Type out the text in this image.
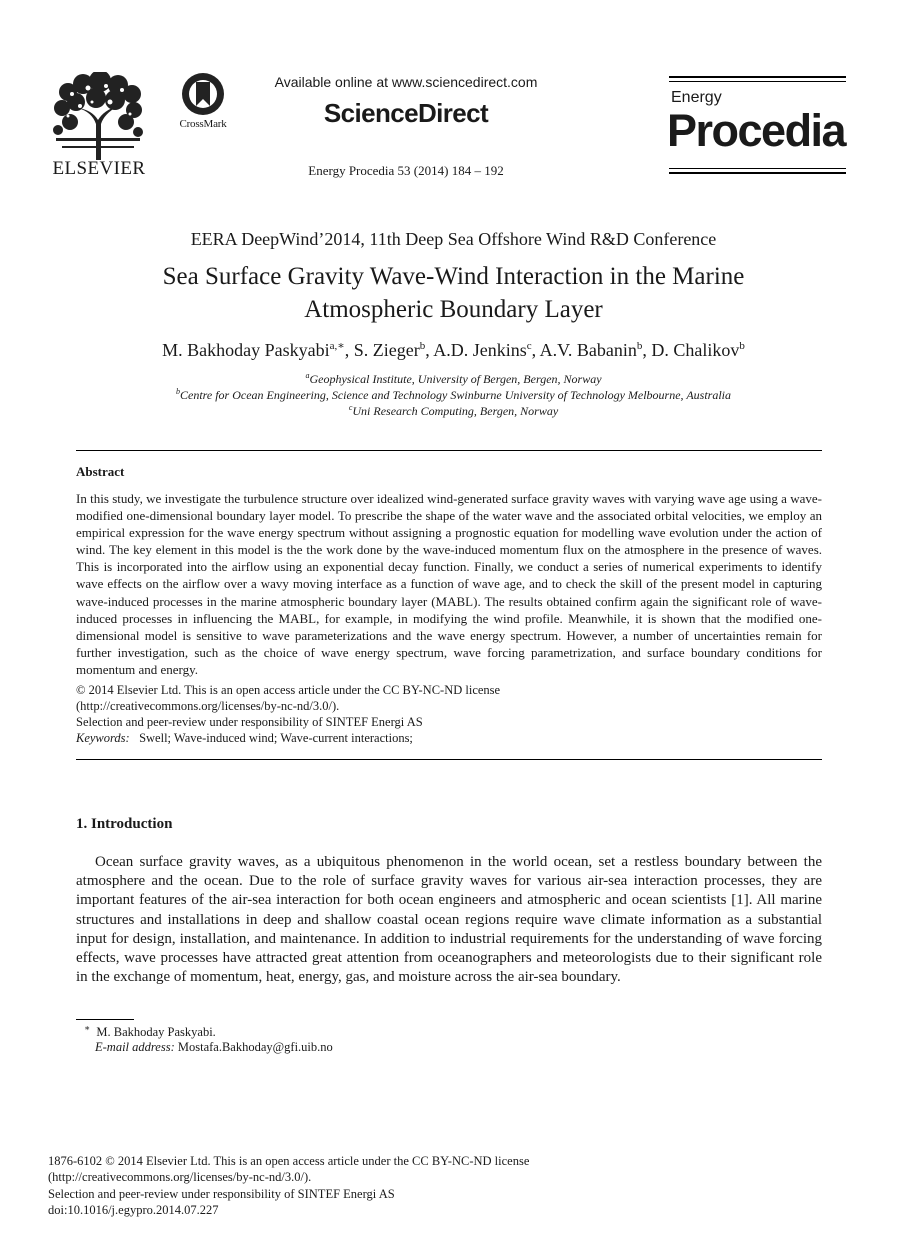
ELSEVIER
CrossMark
Available online at www.sciencedirect.com
ScienceDirect
Energy Procedia 53 (2014) 184 – 192
Energy
Procedia
EERA DeepWind’2014, 11th Deep Sea Offshore Wind R&D Conference
Sea Surface Gravity Wave-Wind Interaction in the Marine
Atmospheric Boundary Layer
M. Bakhoday Paskyabi$^{a,∗}$, S. Zieger$^b$, A.D. Jenkins$^c$, A.V. Babanin$^b$, D. Chalikov$^b$
$^a$Geophysical Institute, University of Bergen, Bergen, Norway
$^b$Centre for Ocean Engineering, Science and Technology Swinburne University of Technology Melbourne, Australia
$^c$Uni Research Computing, Bergen, Norway
Abstract
In this study, we investigate the turbulence structure over idealized wind-generated surface gravity waves with varying wave age using a wave-modified one-dimensional boundary layer model. To prescribe the shape of the water wave and the associated orbital velocities, we employ an empirical expression for the wave energy spectrum without assigning a prognostic equation for modelling wave evolution under the action of wind. The key element in this model is the the work done by the wave-induced momentum flux on the atmosphere in the presence of waves. This is incorporated into the airflow using an exponential decay function. Finally, we conduct a series of numerical experiments to identify wave effects on the airflow over a wavy moving interface as a function of wave age, and to check the skill of the present model in capturing wave-induced processes in the marine atmospheric boundary layer (MABL). The results obtained confirm again the significant role of wave-induced processes in influencing the MABL, for example, in modifying the wind profile. Meanwhile, it is shown that the modified one-dimensional model is sensitive to wave parameterizations and the wave energy spectrum. However, a number of uncertainties remain for further investigation, such as the choice of wave energy spectrum, wave forcing parametrization, and surface boundary conditions for momentum and energy.
© 2014 Elsevier Ltd. This is an open access article under the CC BY-NC-ND license
(http://creativecommons.org/licenses/by-nc-nd/3.0/).
Selection and peer-review under responsibility of SINTEF Energi AS
Keywords: Swell; Wave-induced wind; Wave-current interactions;
1. Introduction
Ocean surface gravity waves, as a ubiquitous phenomenon in the world ocean, set a restless boundary between the atmosphere and the ocean. Due to the role of surface gravity waves for various air-sea interaction processes, they are important features of the air-sea interaction for both ocean engineers and atmospheric and ocean scientists [1]. All marine structures and installations in deep and shallow coastal ocean regions require wave climate information as a substantial input for design, installation, and maintenance. In addition to industrial requirements for the understanding of wave forcing effects, wave processes have attracted great attention from oceanographers and meteorologists due to their significant role in the exchange of momentum, heat, energy, gas, and moisture across the air-sea boundary.
∗ M. Bakhoday Paskyabi.
E-mail address: Mostafa.Bakhoday@gfi.uib.no
1876-6102 © 2014 Elsevier Ltd. This is an open access article under the CC BY-NC-ND license
(http://creativecommons.org/licenses/by-nc-nd/3.0/).
Selection and peer-review under responsibility of SINTEF Energi AS
doi:10.1016/j.egypro.2014.07.227
